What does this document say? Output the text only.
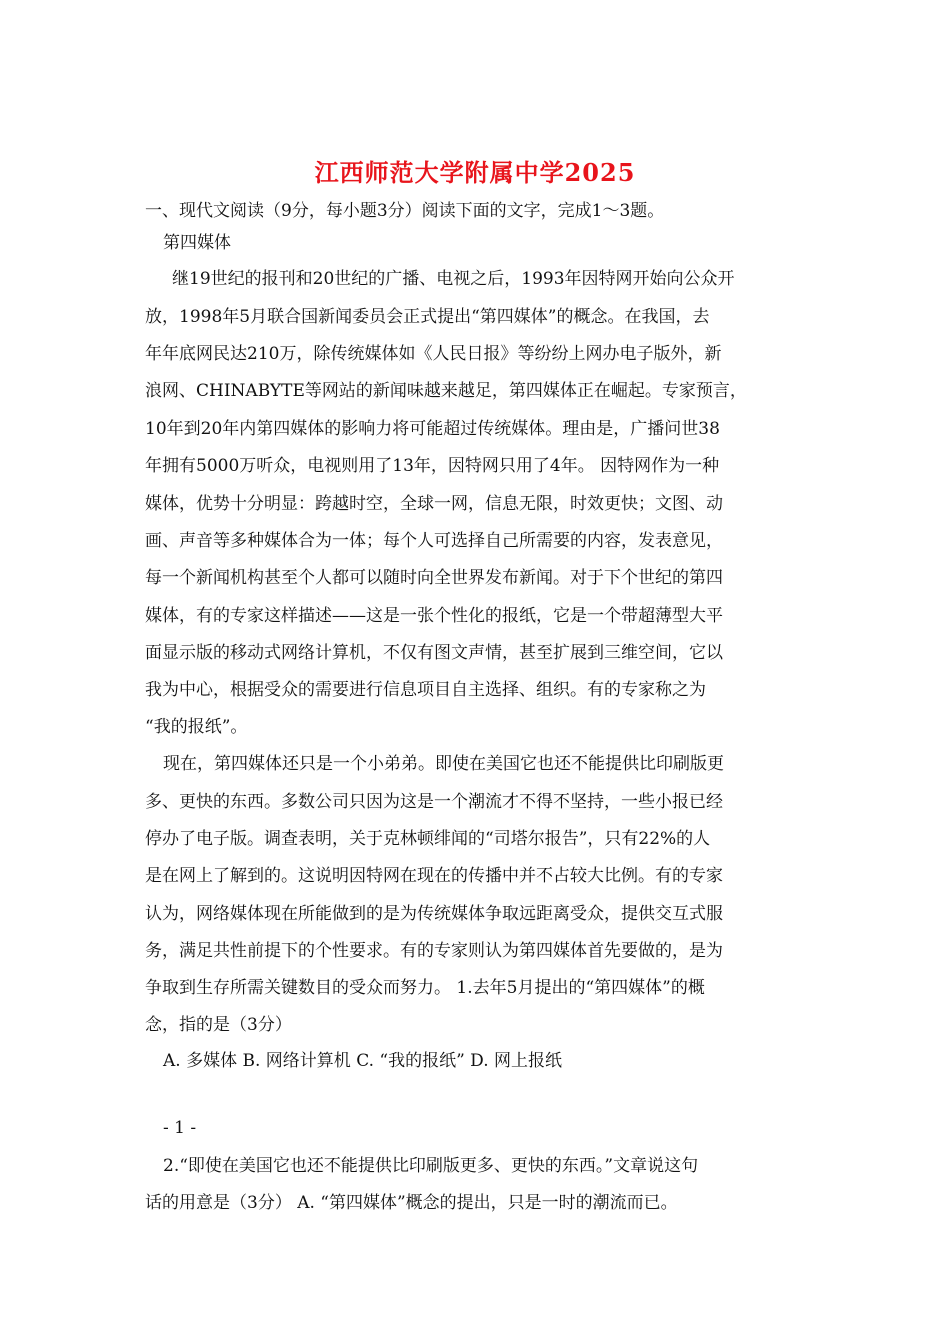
江西师范大学附属中学2025
一、现代文阅读（9分，每小题3分）阅读下面的文字，完成1～3题。
第四媒体
继19世纪的报刊和20世纪的广播、电视之后，1993年因特网开始向公众开
放，1998年5月联合国新闻委员会正式提出“第四媒体”的概念。在我国，去
年年底网民达210万，除传统媒体如《人民日报》等纷纷上网办电子版外，新
浪网、CHINABYTE等网站的新闻味越来越足，第四媒体正在崛起。专家预言，
10年到20年内第四媒体的影响力将可能超过传统媒体。理由是，广播问世38
年拥有5000万听众，电视则用了13年，因特网只用了4年。 因特网作为一种
媒体，优势十分明显：跨越时空，全球一网，信息无限，时效更快；文图、动
画、声音等多种媒体合为一体；每个人可选择自己所需要的内容，发表意见，
每一个新闻机构甚至个人都可以随时向全世界发布新闻。对于下个世纪的第四
媒体，有的专家这样描述——这是一张个性化的报纸，它是一个带超薄型大平
面显示版的移动式网络计算机，不仅有图文声情，甚至扩展到三维空间，它以
我为中心，根据受众的需要进行信息项目自主选择、组织。有的专家称之为
“我的报纸”。
现在，第四媒体还只是一个小弟弟。即使在美国它也还不能提供比印刷版更
多、更快的东西。多数公司只因为这是一个潮流才不得不坚持，一些小报已经
停办了电子版。调查表明，关于克林顿绯闻的“司塔尔报告”，只有22%的人
是在网上了解到的。这说明因特网在现在的传播中并不占较大比例。有的专家
认为，网络媒体现在所能做到的是为传统媒体争取远距离受众，提供交互式服
务，满足共性前提下的个性要求。有的专家则认为第四媒体首先要做的，是为
争取到生存所需关键数目的受众而努力。 1.去年5月提出的“第四媒体”的概
念，指的是（3分）
A. 多媒体 B. 网络计算机 C. “我的报纸” D. 网上报纸
- 1 -
2.“即使在美国它也还不能提供比印刷版更多、更快的东西。”文章说这句
话的用意是（3分） A. “第四媒体”概念的提出，只是一时的潮流而已。
